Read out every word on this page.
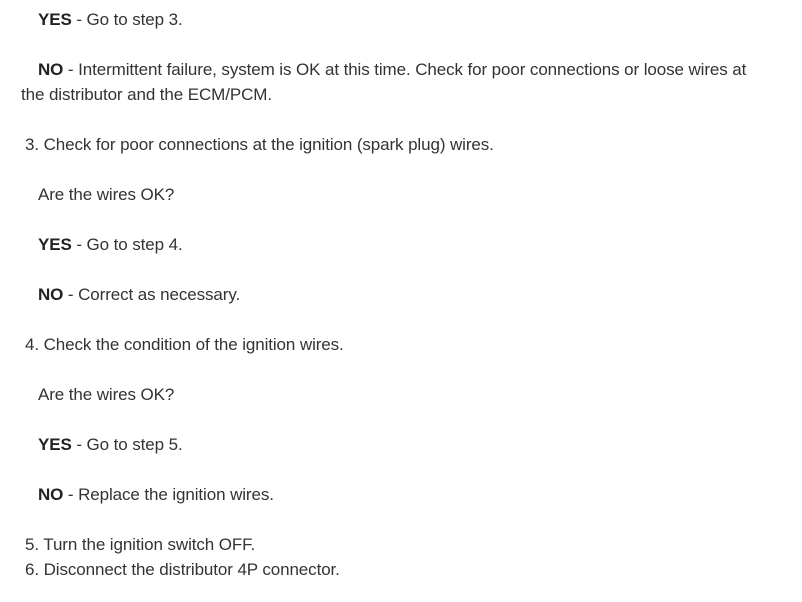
YES - Go to step 3.
NO - Intermittent failure, system is OK at this time. Check for poor connections or loose wires at
the distributor and the ECM/PCM.
3. Check for poor connections at the ignition (spark plug) wires.
Are the wires OK?
YES - Go to step 4.
NO - Correct as necessary.
4. Check the condition of the ignition wires.
Are the wires OK?
YES - Go to step 5.
NO - Replace the ignition wires.
5. Turn the ignition switch OFF.
6. Disconnect the distributor 4P connector.
